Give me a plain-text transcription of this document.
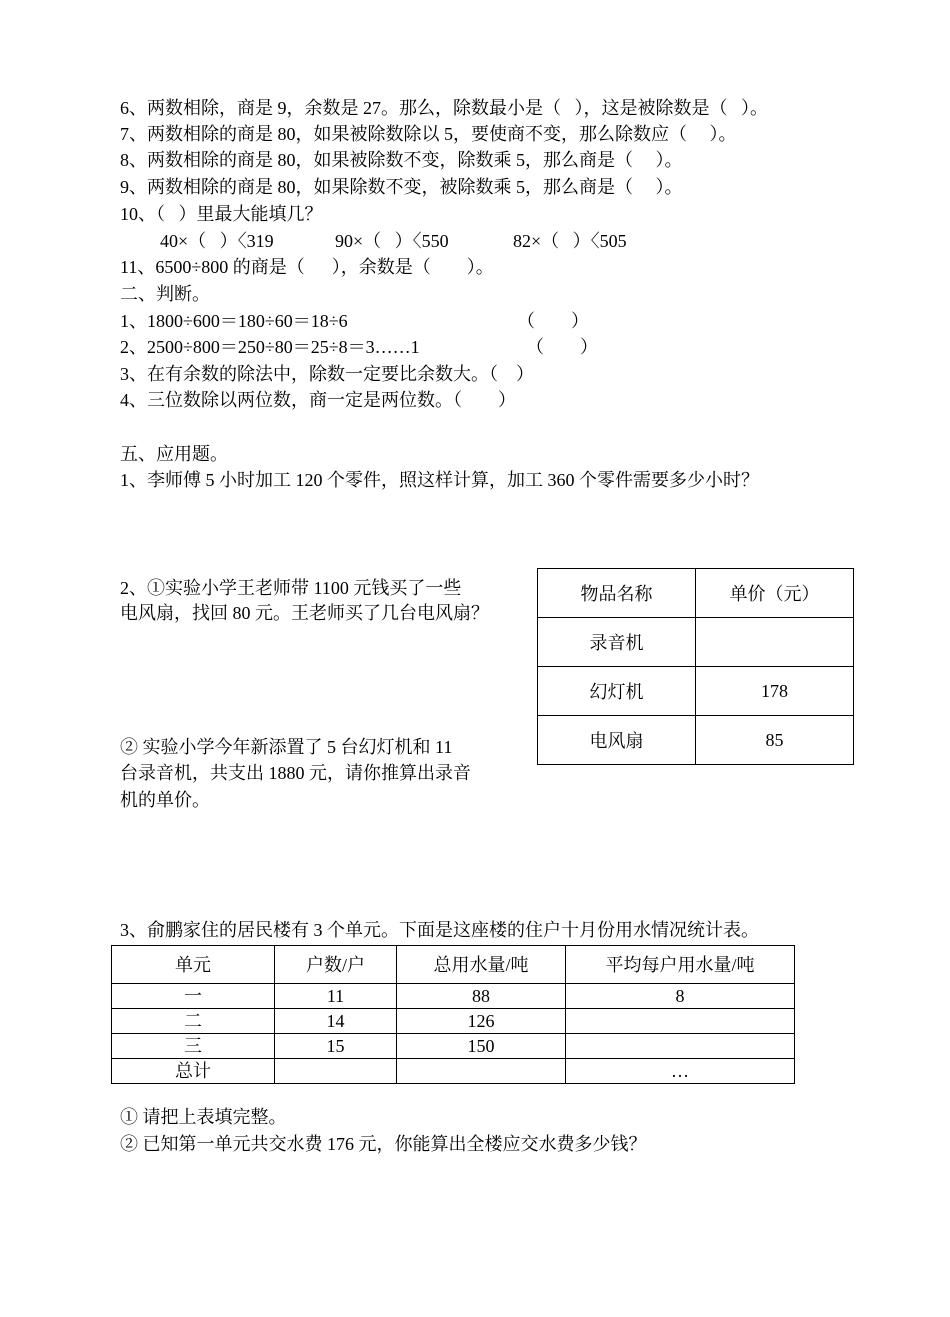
6、两数相除，商是 9，余数是 27。那么，除数最小是（   ），这是被除数是（   ）。
7、两数相除的商是 80，如果被除数除以 5，要使商不变，那么除数应（     ）。
8、两数相除的商是 80，如果被除数不变，除数乘 5，那么商是（     ）。
9、两数相除的商是 80，如果除数不变，被除数乘 5，那么商是（     ）。
10、（   ）里最大能填几？
40×（   ）〈319	90×（   ）〈550	82×（   ）〈505
11、6500÷800 的商是（      ），余数是（        ）。
二、判断。
1、1800÷600＝180÷60＝18÷6	（        ）
2、2500÷800＝250÷80＝25÷8＝3……1	（        ）
3、在有余数的除法中，除数一定要比余数大。（    ）
4、三位数除以两位数，商一定是两位数。（        ）
五、应用题。
1、李师傅 5 小时加工 120 个零件，照这样计算，加工 360 个零件需要多少小时？
2、①实验小学王老师带 1100 元钱买了一些
电风扇，找回 80 元。王老师买了几台电风扇？
② 实验小学今年新添置了 5 台幻灯机和 11
台录音机，共支出 1880 元，请你推算出录音
机的单价。
物品名称	单价（元）
录音机	
幻灯机	178
电风扇	85
3、俞鹏家住的居民楼有 3 个单元。下面是这座楼的住户十月份用水情况统计表。
单元	户数/户	总用水量/吨	平均每户用水量/吨
一	11	88	8
二	14	126	
三	15	150	
总计			…
① 请把上表填完整。
② 已知第一单元共交水费 176 元，你能算出全楼应交水费多少钱？
